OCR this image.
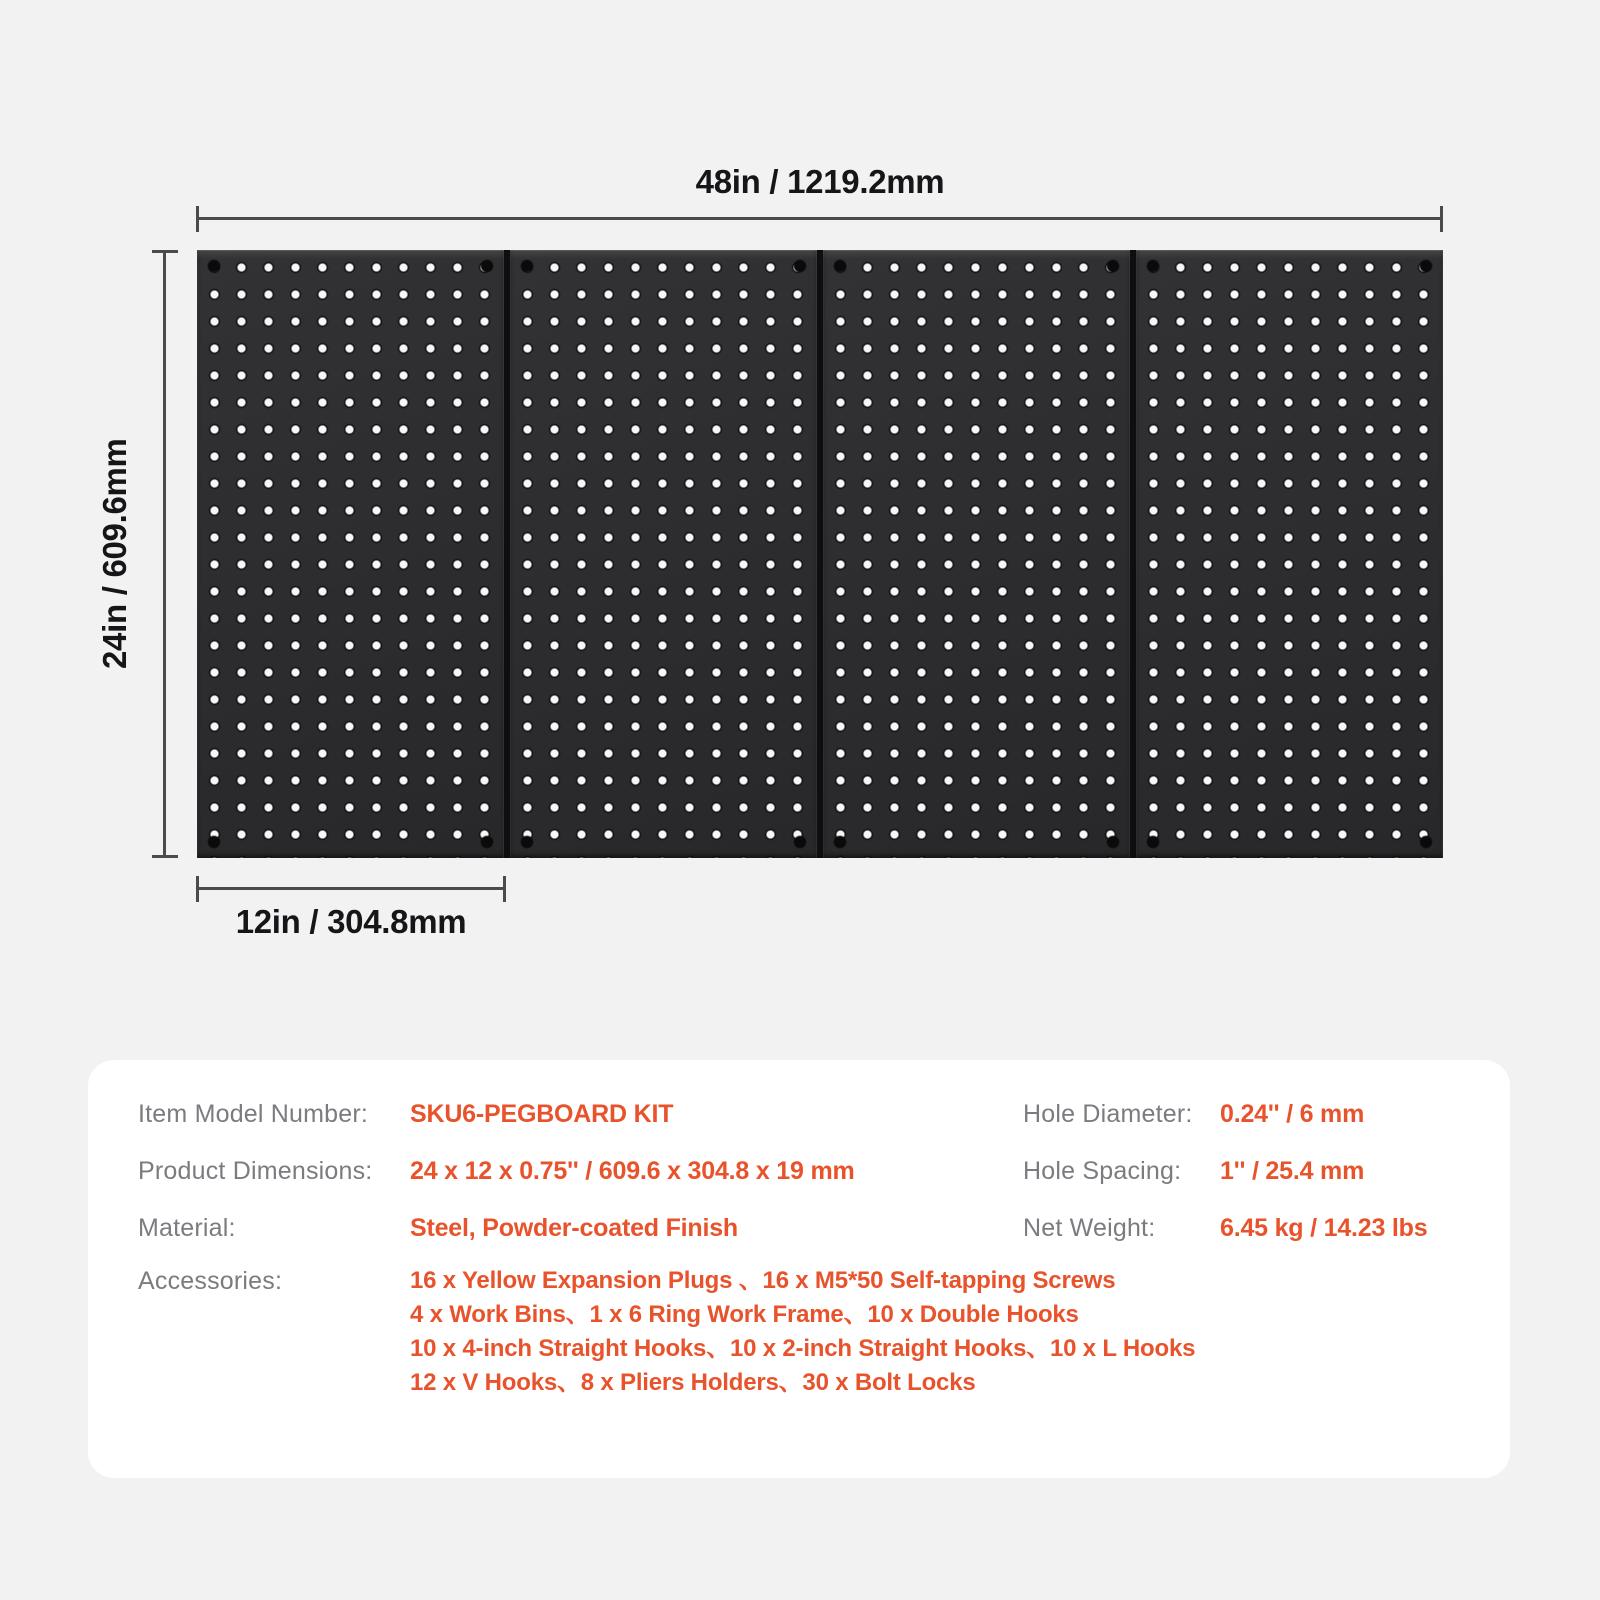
48in / 1219.2mm
24in / 609.6mm
12in / 304.8mm
Item Model Number:	SKU6-PEGBOARD KIT	Hole Diameter:	0.24'' / 6 mm
Product Dimensions:	24 x 12 x 0.75'' / 609.6 x 304.8 x 19 mm	Hole Spacing:	1'' / 25.4 mm
Material:	Steel, Powder-coated Finish	Net Weight:	6.45 kg / 14.23 lbs
Accessories:	16 x Yellow Expansion Plugs 、16 x M5*50 Self-tapping Screws
4 x Work Bins、1 x 6 Ring Work Frame、10 x Double Hooks
10 x 4-inch Straight Hooks、10 x 2-inch Straight Hooks、10 x L Hooks
12 x V Hooks、8 x Pliers Holders、30 x Bolt Locks
